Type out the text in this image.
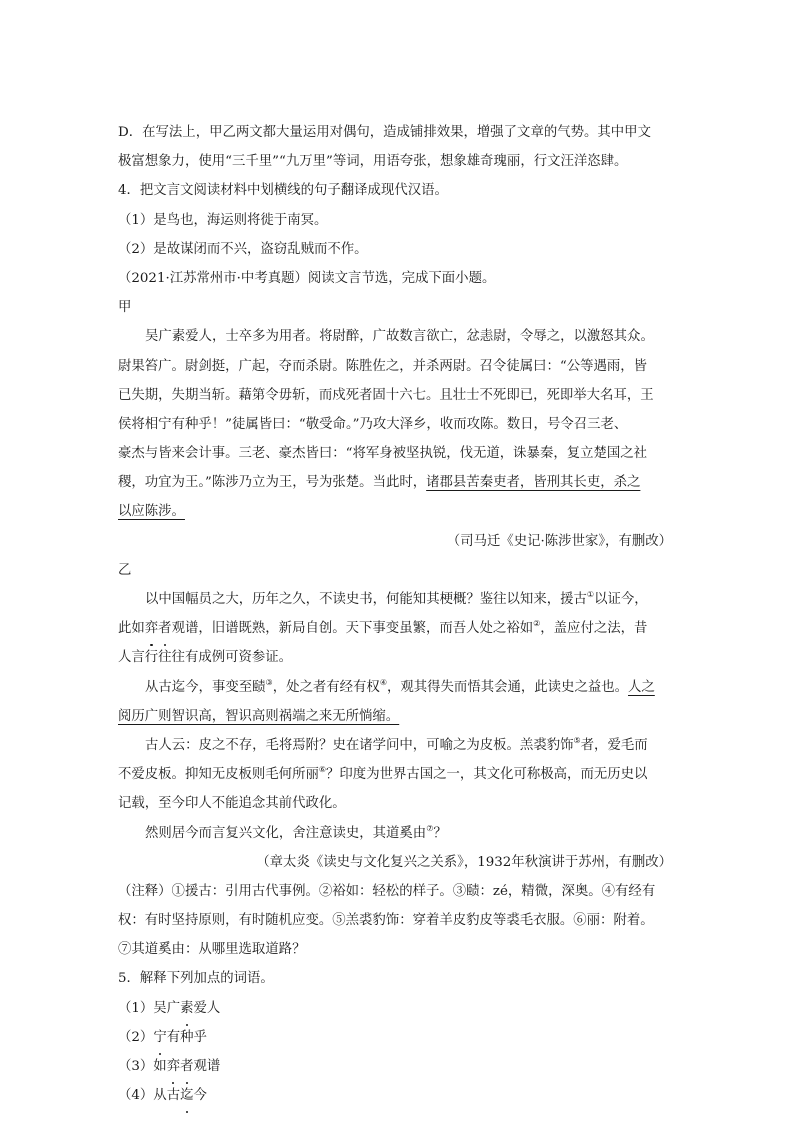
D．在写法上，甲乙两文都大量运用对偶句，造成铺排效果，增强了文章的气势。其中甲文
极富想象力，使用“三千里”“九万里”等词，用语夸张，想象雄奇瑰丽，行文汪洋恣肆。
4．把文言文阅读材料中划横线的句子翻译成现代汉语。
（1）是鸟也，海运则将徙于南冥。
（2）是故谋闭而不兴，盗窃乱贼而不作。
（2021·江苏常州市·中考真题）阅读文言节选，完成下面小题。
甲
吴广素爱人，士卒多为用者。将尉醉，广故数言欲亡，忿恚尉，令辱之，以激怒其众。
尉果笞广。尉剑挺，广起，夺而杀尉。陈胜佐之，并杀两尉。召令徒属曰：“公等遇雨，皆
已失期，失期当斩。藉第令毋斩，而戍死者固十六七。且壮士不死即已，死即举大名耳，王
侯将相宁有种乎！”徒属皆曰：“敬受命。”乃攻大泽乡，收而攻陈。数日，号令召三老、
豪杰与皆来会计事。三老、豪杰皆曰：“将军身被坚执锐，伐无道，诛暴秦，复立楚国之社
稷，功宜为王。”陈涉乃立为王，号为张楚。当此时，诸郡县苦秦吏者，皆刑其长吏，杀之
以应陈涉。
（司马迁《史记·陈涉世家》，有删改）
乙
以中国幅员之大，历年之久，不读史书，何能知其梗概？鉴往以知来，援古①以证今，
此如弈者观谱，旧谱既熟，新局自创。天下事变虽繁，而吾人处之裕如②，盖应付之法，昔
人言行往往有成例可资参证。
从古迄今，事变至赜③，处之者有经有权④，观其得失而悟其会通，此读史之益也。人之
阅历广则智识高，智识高则祸端之来无所惝缩。
古人云：皮之不存，毛将焉附？史在诸学问中，可喻之为皮板。羔裘豹饰⑤者，爱毛而
不爱皮板。抑知无皮板则毛何所丽⑥？印度为世界古国之一，其文化可称极高，而无历史以
记载，至今印人不能追念其前代政化。
然则居今而言复兴文化，舍注意读史，其道奚由⑦？
（章太炎《读史与文化复兴之关系》，1932年秋演讲于苏州，有删改）
（注释）①援古：引用古代事例。②裕如：轻松的样子。③赜：zé，精微，深奥。④有经有
权：有时坚持原则，有时随机应变。⑤羔裘豹饰：穿着羊皮豹皮等裘毛衣服。⑥丽：附着。
⑦其道奚由：从哪里选取道路？
5．解释下列加点的词语。
（1）吴广素爱人
（2）宁有种乎
（3）如弈者观谱
（4）从古迄今
